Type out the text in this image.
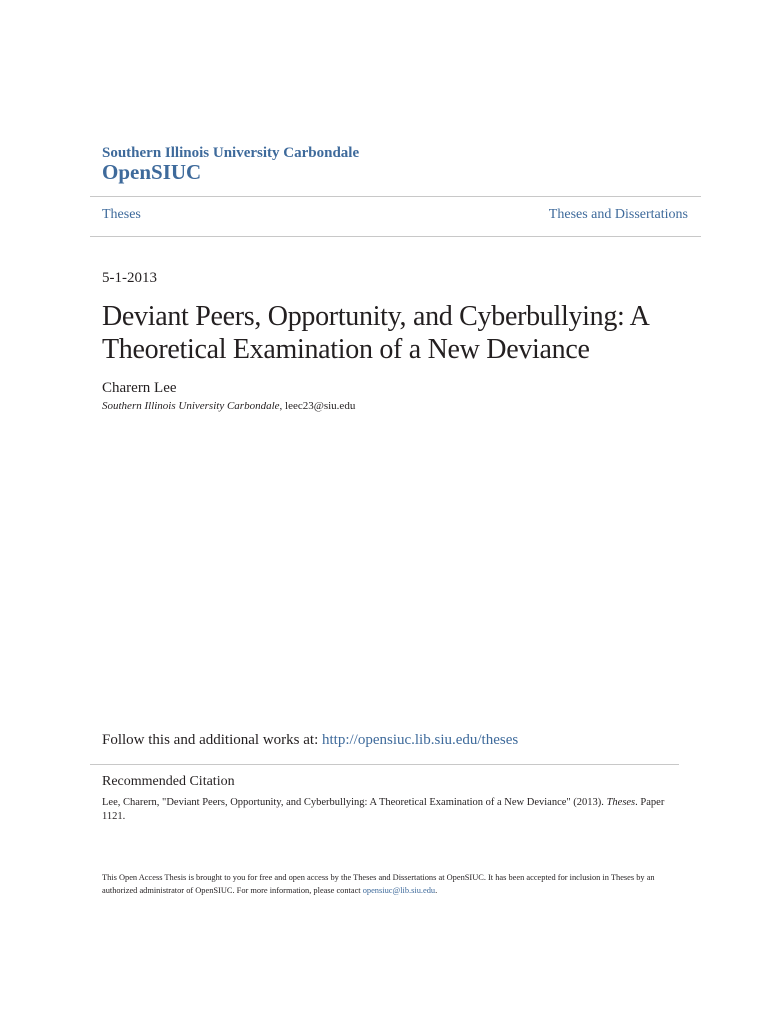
Southern Illinois University Carbondale
OpenSIUC
Theses	Theses and Dissertations
5-1-2013
Deviant Peers, Opportunity, and Cyberbullying: A
Theoretical Examination of a New Deviance
Charern Lee
Southern Illinois University Carbondale, leec23@siu.edu
Follow this and additional works at: http://opensiuc.lib.siu.edu/theses
Recommended Citation
Lee, Charern, "Deviant Peers, Opportunity, and Cyberbullying: A Theoretical Examination of a New Deviance" (2013). Theses. Paper 1121.
This Open Access Thesis is brought to you for free and open access by the Theses and Dissertations at OpenSIUC. It has been accepted for inclusion in Theses by an authorized administrator of OpenSIUC. For more information, please contact opensiuc@lib.siu.edu.
